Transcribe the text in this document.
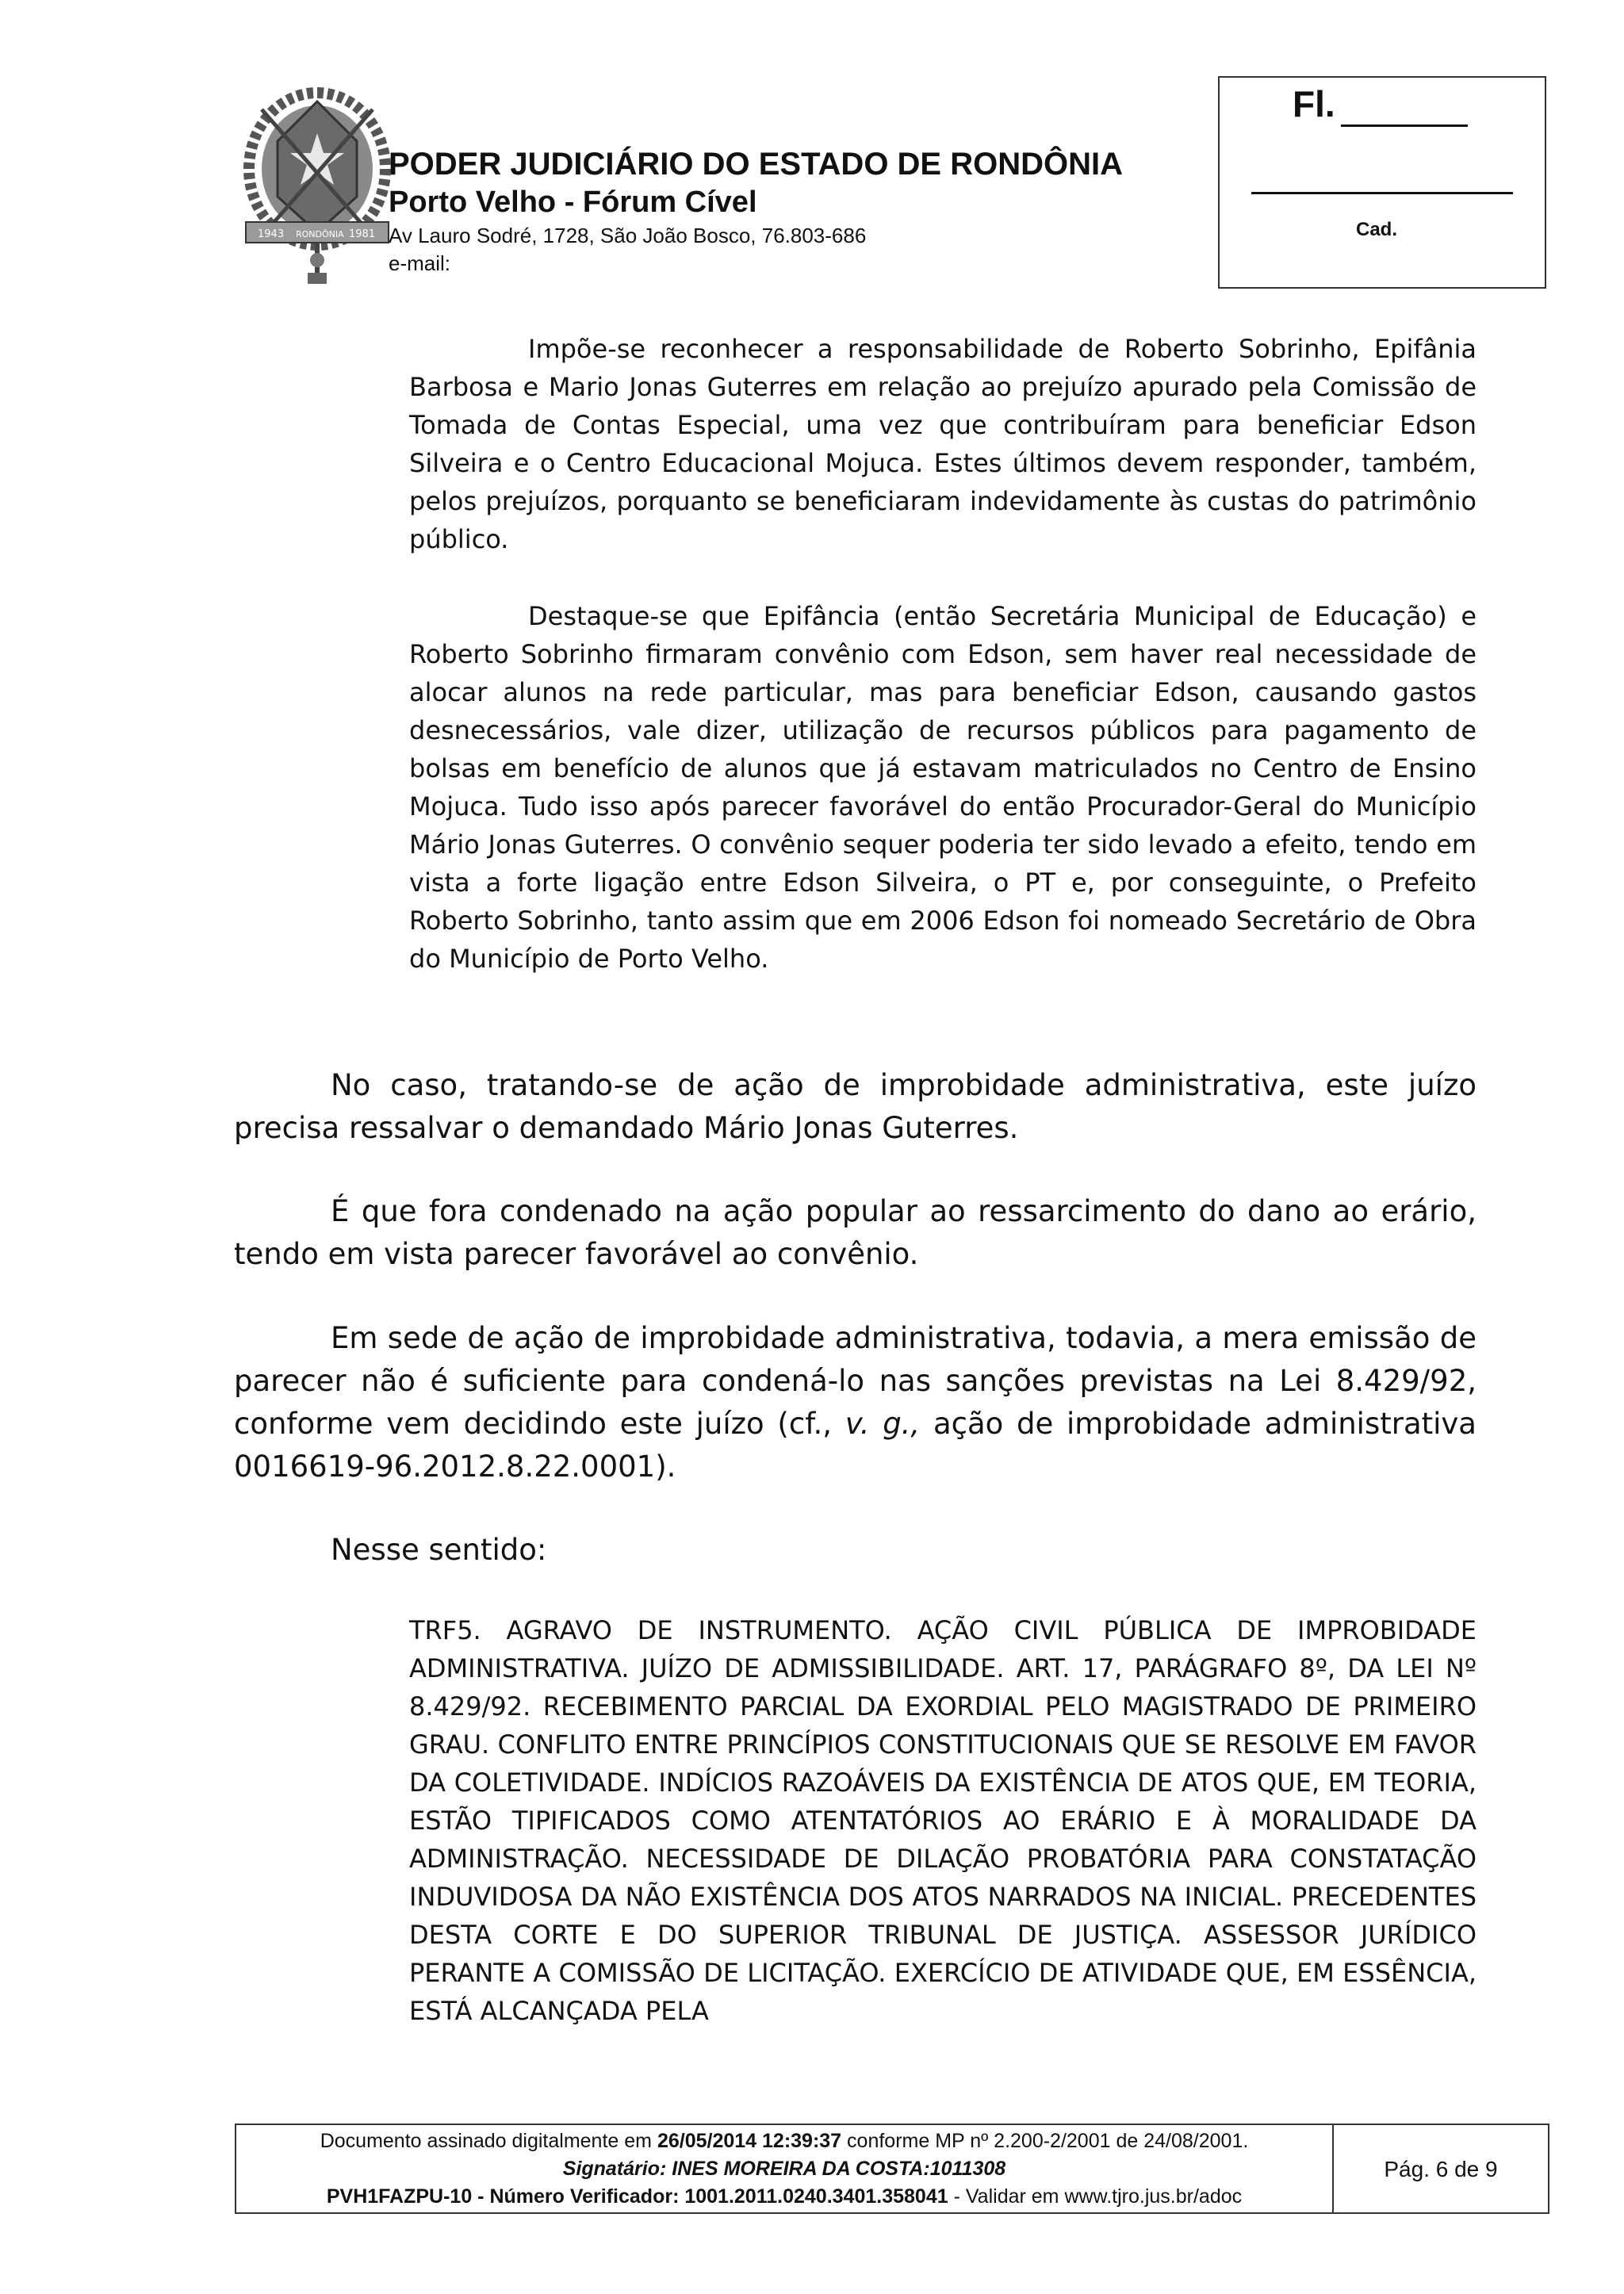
1943 RONDÔNIA 1981
PODER JUDICIÁRIO DO ESTADO DE RONDÔNIA
Porto Velho - Fórum Cível
Av Lauro Sodré, 1728, São João Bosco, 76.803-686
e-mail:
Fl.
Cad.
Impõe-se reconhecer a responsabilidade de Roberto Sobrinho, Epifânia Barbosa e Mario Jonas Guterres em relação ao prejuízo apurado pela Comissão de Tomada de Contas Especial, uma vez que contribuíram para beneficiar Edson Silveira e o Centro Educacional Mojuca. Estes últimos devem responder, também, pelos prejuízos, porquanto se beneficiaram indevidamente às custas do patrimônio público.
Destaque-se que Epifância (então Secretária Municipal de Educação) e Roberto Sobrinho firmaram convênio com Edson, sem haver real necessidade de alocar alunos na rede particular, mas para beneficiar Edson, causando gastos desnecessários, vale dizer, utilização de recursos públicos para pagamento de bolsas em benefício de alunos que já estavam matriculados no Centro de Ensino Mojuca. Tudo isso após parecer favorável do então Procurador-Geral do Município Mário Jonas Guterres. O convênio sequer poderia ter sido levado a efeito, tendo em vista a forte ligação entre Edson Silveira, o PT e, por conseguinte, o Prefeito Roberto Sobrinho, tanto assim que em 2006 Edson foi nomeado Secretário de Obra do Município de Porto Velho.
No caso, tratando-se de ação de improbidade administrativa, este juízo precisa ressalvar o demandado Mário Jonas Guterres.
É que fora condenado na ação popular ao ressarcimento do dano ao erário, tendo em vista parecer favorável ao convênio.
Em sede de ação de improbidade administrativa, todavia, a mera emissão de parecer não é suficiente para condená-lo nas sanções previstas na Lei 8.429/92, conforme vem decidindo este juízo (cf., v. g., ação de improbidade administrativa 0016619-96.2012.8.22.0001).
Nesse sentido:
TRF5. AGRAVO DE INSTRUMENTO. AÇÃO CIVIL PÚBLICA DE IMPROBIDADE ADMINISTRATIVA. JUÍZO DE ADMISSIBILIDADE. ART. 17, PARÁGRAFO 8º, DA LEI Nº 8.429/92. RECEBIMENTO PARCIAL DA EXORDIAL PELO MAGISTRADO DE PRIMEIRO GRAU. CONFLITO ENTRE PRINCÍPIOS CONSTITUCIONAIS QUE SE RESOLVE EM FAVOR DA COLETIVIDADE. INDÍCIOS RAZOÁVEIS DA EXISTÊNCIA DE ATOS QUE, EM TEORIA, ESTÃO TIPIFICADOS COMO ATENTATÓRIOS AO ERÁRIO E À MORALIDADE DA ADMINISTRAÇÃO. NECESSIDADE DE DILAÇÃO PROBATÓRIA PARA CONSTATAÇÃO INDUVIDOSA DA NÃO EXISTÊNCIA DOS ATOS NARRADOS NA INICIAL. PRECEDENTES DESTA CORTE E DO SUPERIOR TRIBUNAL DE JUSTIÇA. ASSESSOR JURÍDICO PERANTE A COMISSÃO DE LICITAÇÃO. EXERCÍCIO DE ATIVIDADE QUE, EM ESSÊNCIA, ESTÁ ALCANÇADA PELA
Documento assinado digitalmente em 26/05/2014 12:39:37 conforme MP nº 2.200-2/2001 de 24/08/2001.
Signatário: INES MOREIRA DA COSTA:1011308
PVH1FAZPU-10 - Número Verificador: 1001.2011.0240.3401.358041 - Validar em www.tjro.jus.br/adoc
Pág. 6 de 9
